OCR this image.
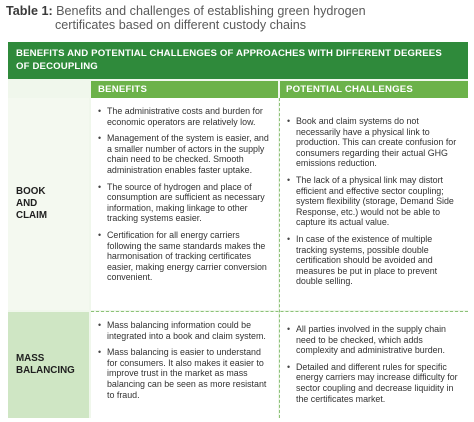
Table 1: Benefits and challenges of establishing green hydrogen
certificates based on different custody chains
BENEFITS AND POTENTIAL CHALLENGES OF APPROACHES WITH DIFFERENT DEGREES
OF DECOUPLING
BENEFITS	POTENTIAL CHALLENGES
BOOK
AND
CLAIM
• The administrative costs and burden for economic operators are relatively low.
• Management of the system is easier, and a smaller number of actors in the supply chain need to be checked. Smooth administration enables faster uptake.
• The source of hydrogen and place of consumption are sufficient as necessary information, making linkage to other tracking systems easier.
• Certification for all energy carriers following the same standards makes the harmonisation of tracking certificates easier, making energy carrier conversion convenient.
• Book and claim systems do not necessarily have a physical link to production. This can create confusion for consumers regarding their actual GHG emissions reduction.
• The lack of a physical link may distort efficient and effective sector coupling; system flexibility (storage, Demand Side Response, etc.) would not be able to capture its actual value.
• In case of the existence of multiple tracking systems, possible double certification should be avoided and measures be put in place to prevent double selling.
MASS
BALANCING
• Mass balancing information could be integrated into a book and claim system.
• Mass balancing is easier to understand for consumers. It also makes it easier to improve trust in the market as mass balancing can be seen as more resistant to fraud.
• All parties involved in the supply chain need to be checked, which adds complexity and administrative burden.
• Detailed and different rules for specific energy carriers may increase difficulty for sector coupling and decrease liquidity in the certificates market.
